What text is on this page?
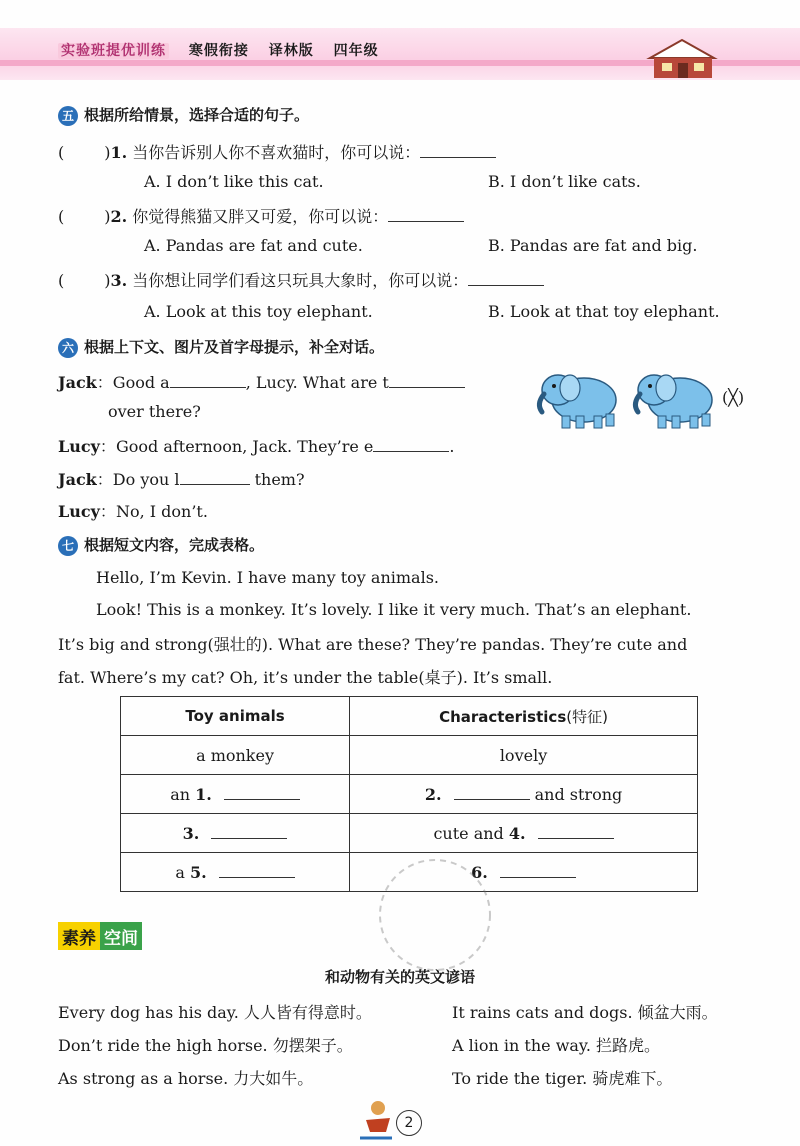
实验班提优训练 寒假衔接 译林版 四年级
五 根据所给情景，选择合适的句子。
(	)1. 当你告诉别人你不喜欢猫时，你可以说：
A. I don’t like this cat.	B. I don’t like cats.
(	)2. 你觉得熊猫又胖又可爱，你可以说：
A. Pandas are fat and cute.	B. Pandas are fat and big.
(	)3. 当你想让同学们看这只玩具大象时，你可以说：
A. Look at this toy elephant.	B. Look at that toy elephant.
六 根据上下文、图片及首字母提示，补全对话。
Jack：Good a	, Lucy. What are t
over there?
Lucy：Good afternoon, Jack. They’re e	.
Jack：Do you l	them?
Lucy：No, I don’t.
(╳)
七 根据短文内容，完成表格。
Hello, I’m Kevin. I have many toy animals.
Look! This is a monkey. It’s lovely. I like it very much. That’s an elephant.
It’s big and strong(强壮的). What are these? They’re pandas. They’re cute and
fat. Where’s my cat? Oh, it’s under the table(桌子). It’s small.
Toy animals	Characteristics(特征)
a monkey	lovely
an 1.	2. and strong
3.	cute and 4.
a 5.	6.
素养 空间
和动物有关的英文谚语
Every dog has his day. 人人皆有得意时。	It rains cats and dogs. 倾盆大雨。
Don’t ride the high horse. 勿摆架子。	A lion in the way. 拦路虎。
As strong as a horse. 力大如牛。	To ride the tiger. 骑虎难下。
2
